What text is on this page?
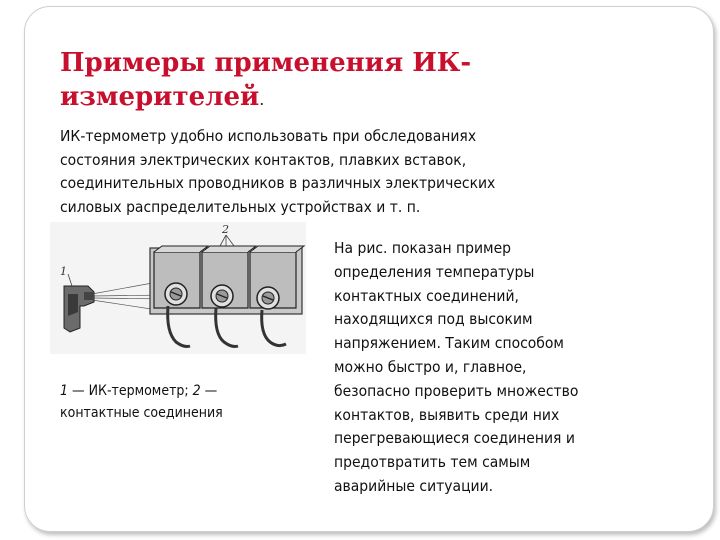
Примеры применения ИК-
измерителей.
ИК-термометр удобно использовать при обследованиях
состояния электрических контактов, плавких вставок,
соединительных проводников в различных электрических
силовых распределительных устройствах и т. п.
1
2
1 — ИК-термометр; 2 —
контактные соединения
На рис. показан пример
определения температуры
контактных соединений,
находящихся под высоким
напряжением. Таким способом
можно быстро и, главное,
безопасно проверить множество
контактов, выявить среди них
перегревающиеся соединения и
предотвратить тем самым
аварийные ситуации.
